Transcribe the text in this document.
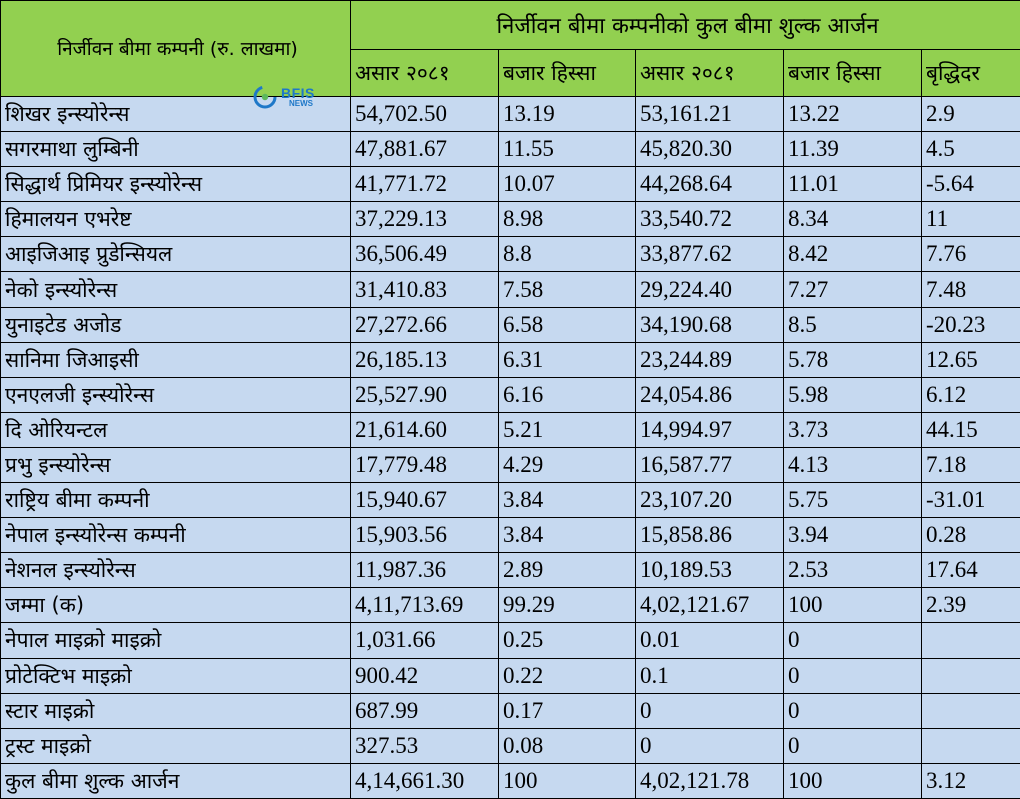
निर्जीवन बीमा कम्पनी (रु. लाखमा)	निर्जीवन बीमा कम्पनीको कुल बीमा शुल्क आर्जन				
	असार २०८१	बजार हिस्सा	असार २०८१	बजार हिस्सा	बृद्धिदर
शिखर इन्स्योरेन्स	54,702.50	13.19	53,161.21	13.22	2.9
सगरमाथा लुम्बिनी	47,881.67	11.55	45,820.30	11.39	4.5
सिद्धार्थ प्रिमियर इन्स्योरेन्स	41,771.72	10.07	44,268.64	11.01	-5.64
हिमालयन एभरेष्ट	37,229.13	8.98	33,540.72	8.34	11
आइजिआइ प्रुडेन्सियल	36,506.49	8.8	33,877.62	8.42	7.76
नेको इन्स्योरेन्स	31,410.83	7.58	29,224.40	7.27	7.48
युनाइटेड अजोड	27,272.66	6.58	34,190.68	8.5	-20.23
सानिमा जिआइसी	26,185.13	6.31	23,244.89	5.78	12.65
एनएलजी इन्स्योरेन्स	25,527.90	6.16	24,054.86	5.98	6.12
दि ओरियन्टल	21,614.60	5.21	14,994.97	3.73	44.15
प्रभु इन्स्योरेन्स	17,779.48	4.29	16,587.77	4.13	7.18
राष्ट्रिय बीमा कम्पनी	15,940.67	3.84	23,107.20	5.75	-31.01
नेपाल इन्स्योरेन्स कम्पनी	15,903.56	3.84	15,858.86	3.94	0.28
नेशनल इन्स्योरेन्स	11,987.36	2.89	10,189.53	2.53	17.64
जम्मा (क)	4,11,713.69	99.29	4,02,121.67	100	2.39
नेपाल माइक्रो माइक्रो	1,031.66	0.25	0.01	0	
प्रोटेक्टिभ माइक्रो	900.42	0.22	0.1	0	
स्टार माइक्रो	687.99	0.17	0	0	
ट्रस्ट माइक्रो	327.53	0.08	0	0	
कुल बीमा शुल्क आर्जन	4,14,661.30	100	4,02,121.78	100	3.12
BFIS
NEWS
